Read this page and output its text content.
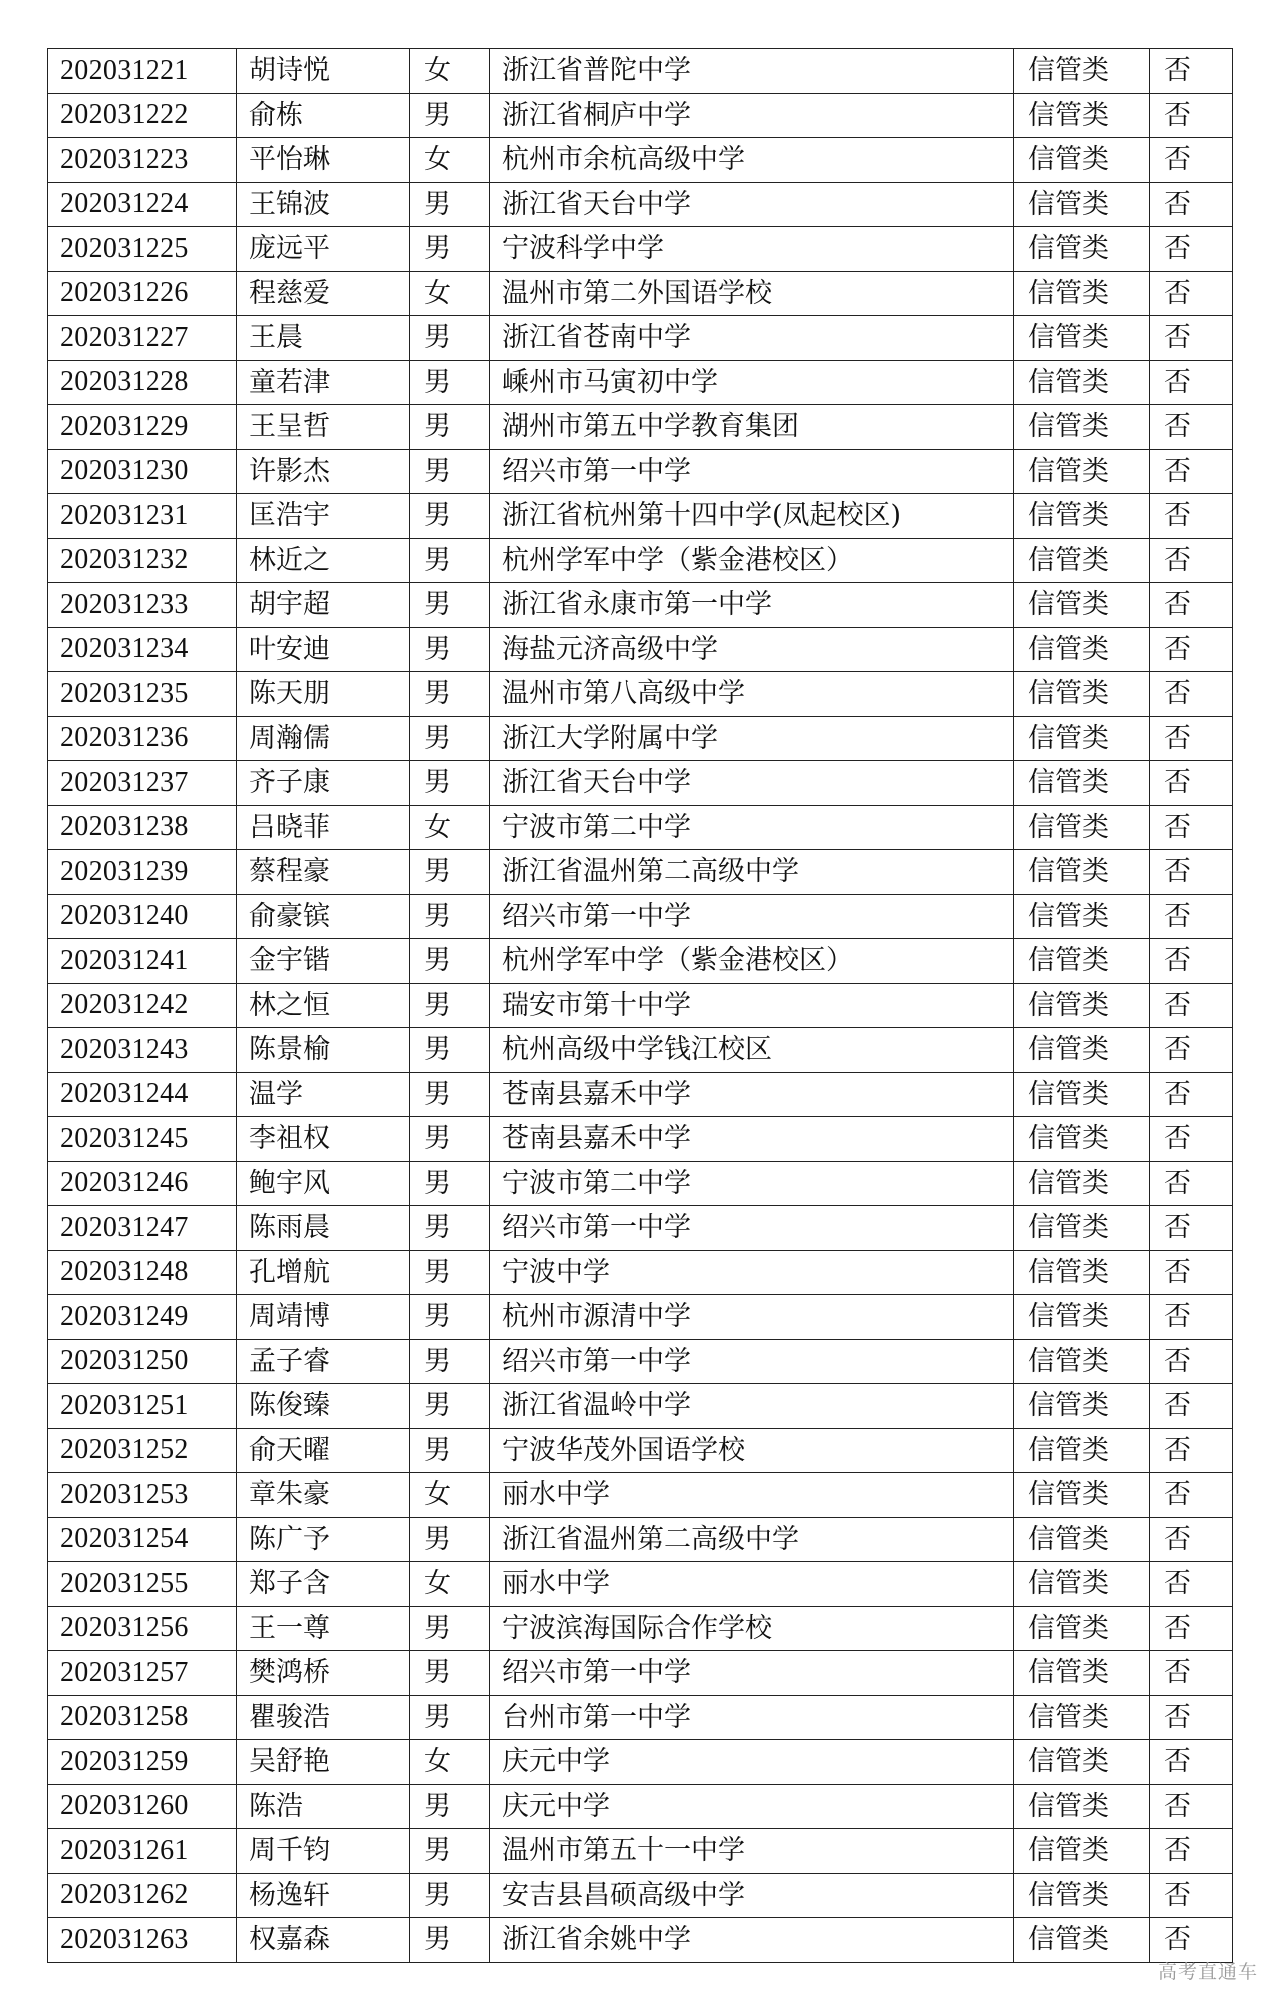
202031221	胡诗悦	女	浙江省普陀中学	信管类	否
202031222	俞栋	男	浙江省桐庐中学	信管类	否
202031223	平怡琳	女	杭州市余杭高级中学	信管类	否
202031224	王锦波	男	浙江省天台中学	信管类	否
202031225	庞远平	男	宁波科学中学	信管类	否
202031226	程慈爱	女	温州市第二外国语学校	信管类	否
202031227	王晨	男	浙江省苍南中学	信管类	否
202031228	童若津	男	嵊州市马寅初中学	信管类	否
202031229	王呈哲	男	湖州市第五中学教育集团	信管类	否
202031230	许影杰	男	绍兴市第一中学	信管类	否
202031231	匡浩宇	男	浙江省杭州第十四中学(凤起校区)	信管类	否
202031232	林近之	男	杭州学军中学（紫金港校区）	信管类	否
202031233	胡宇超	男	浙江省永康市第一中学	信管类	否
202031234	叶安迪	男	海盐元济高级中学	信管类	否
202031235	陈天朋	男	温州市第八高级中学	信管类	否
202031236	周瀚儒	男	浙江大学附属中学	信管类	否
202031237	齐子康	男	浙江省天台中学	信管类	否
202031238	吕晓菲	女	宁波市第二中学	信管类	否
202031239	蔡程豪	男	浙江省温州第二高级中学	信管类	否
202031240	俞豪镔	男	绍兴市第一中学	信管类	否
202031241	金宇锴	男	杭州学军中学（紫金港校区）	信管类	否
202031242	林之恒	男	瑞安市第十中学	信管类	否
202031243	陈景榆	男	杭州高级中学钱江校区	信管类	否
202031244	温学	男	苍南县嘉禾中学	信管类	否
202031245	李祖权	男	苍南县嘉禾中学	信管类	否
202031246	鲍宇风	男	宁波市第二中学	信管类	否
202031247	陈雨晨	男	绍兴市第一中学	信管类	否
202031248	孔增航	男	宁波中学	信管类	否
202031249	周靖博	男	杭州市源清中学	信管类	否
202031250	孟子睿	男	绍兴市第一中学	信管类	否
202031251	陈俊臻	男	浙江省温岭中学	信管类	否
202031252	俞天曜	男	宁波华茂外国语学校	信管类	否
202031253	章朱豪	女	丽水中学	信管类	否
202031254	陈广予	男	浙江省温州第二高级中学	信管类	否
202031255	郑子含	女	丽水中学	信管类	否
202031256	王一尊	男	宁波滨海国际合作学校	信管类	否
202031257	樊鸿桥	男	绍兴市第一中学	信管类	否
202031258	瞿骏浩	男	台州市第一中学	信管类	否
202031259	吴舒艳	女	庆元中学	信管类	否
202031260	陈浩	男	庆元中学	信管类	否
202031261	周千钧	男	温州市第五十一中学	信管类	否
202031262	杨逸轩	男	安吉县昌硕高级中学	信管类	否
202031263	权嘉森	男	浙江省余姚中学	信管类	否
高考直通车
